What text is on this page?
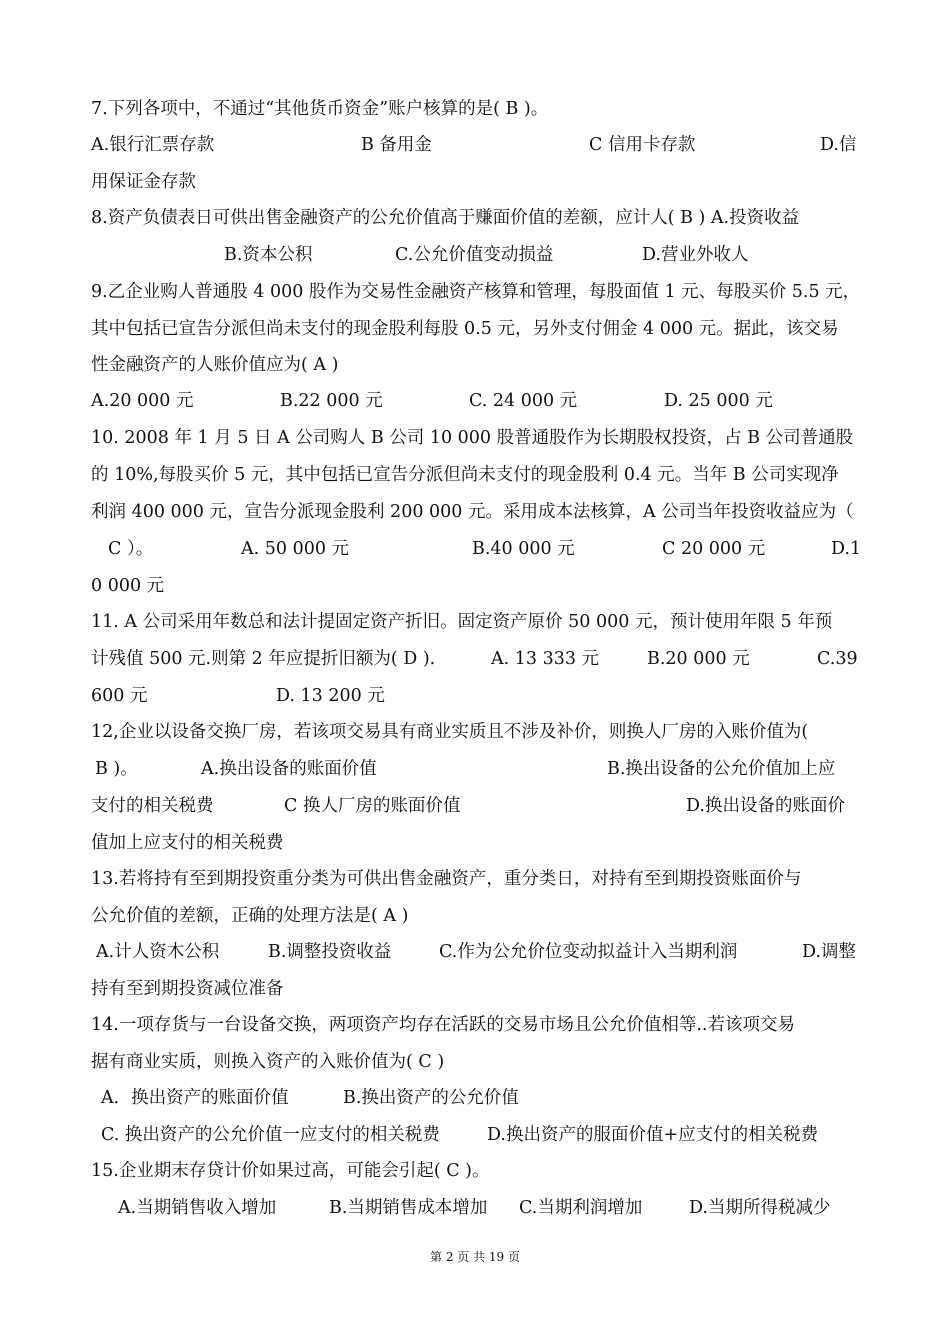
7.下列各项中，不通过“其他货币资金”账户核算的是( B )。
A.银行汇票存款	B 备用金	C 信用卡存款	D.信
用保证金存款
8.资产负债表日可供出售金融资产的公允价值高于赚面价值的差额，应计人( B ) A.投资收益
B.资本公积	C.公允价值变动损益	D.营业外收人
9.乙企业购人普通股 4 000 股作为交易性金融资产核算和管理，每股面值 1 元、每股买价 5.5 元，
其中包括已宣告分派但尚未支付的现金股利每股 0.5 元，另外支付佣金 4 000 元。据此，该交易
性金融资产的人账价值应为( A )
A.20 000 元	B.22 000 元	C. 24 000 元	D. 25 000 元
10. 2008 年 1 月 5 日 A 公司购人 B 公司 10 000 股普通股作为长期股权投资，占 B 公司普通股
的 10%,每股买价 5 元，其中包括已宣告分派但尚未支付的现金股利 0.4 元。当年 B 公司实现净
利润 400 000 元，宣告分派现金股利 200 000 元。采用成本法核算，A 公司当年投资收益应为（
C ）。	A. 50 000 元	B.40 000 元	C 20 000 元	D.1
0 000 元
11. A 公司采用年数总和法计提固定资产折旧。固定资产原价 50 000 元，预计使用年限 5 年预
计残值 500 元.则第 2 年应提折旧额为( D ).	A. 13 333 元	B.20 000 元	C.39
600 元	D. 13 200 元
12,企业以设备交换厂房，若该项交易具有商业实质且不涉及补价，则换人厂房的入账价值为(
B )。	A.换出设备的账面价值	B.换出设备的公允价值加上应
支付的相关税费	C 换人厂房的账面价值	D.换出设备的账面价
值加上应支付的相关税费
13.若将持有至到期投资重分类为可供出售金融资产，重分类日，对持有至到期投资账面价与
公允价值的差额，正确的处理方法是( A )
A.计人资木公积	B.调整投资收益	C.作为公允价位变动拟益计入当期利润	D.调整
持有至到期投资减位准备
14.一项存货与一台设备交换，两项资产均存在活跃的交易市场且公允价值相等..若该项交易
据有商业实质，则换入资产的入账价值为( C )
A．换出资产的账面价值	B.换出资产的公允价值
C. 换出资产的公允价值一应支付的相关税费	D.换出资产的服面价值+应支付的相关税费
15.企业期末存贷计价如果过高，可能会引起( C )。
A.当期销售收入增加	B.当期销售成本增加 C.当期利润增加	D.当期所得税减少
第 2 页 共 19 页
